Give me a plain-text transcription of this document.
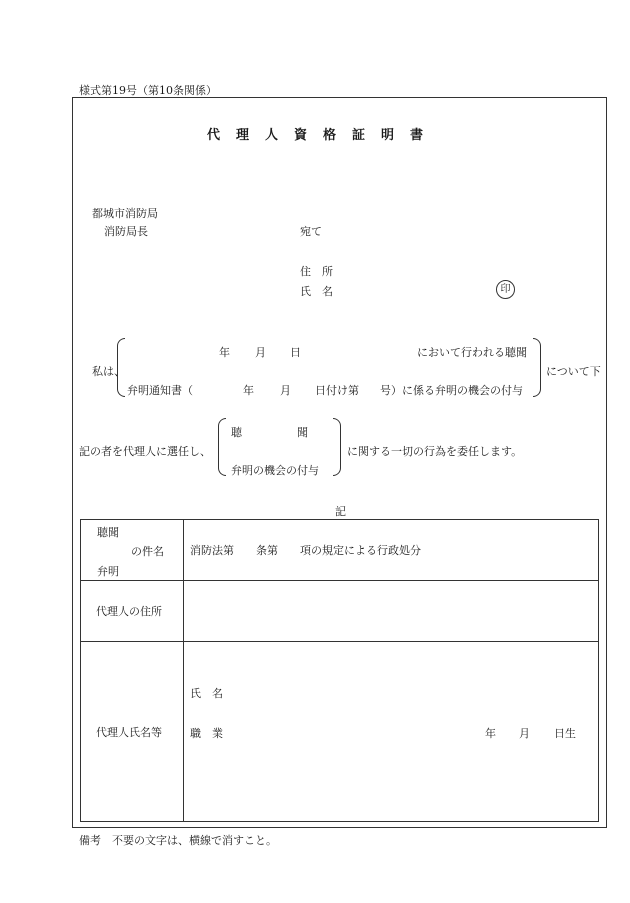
様式第19号（第10条関係）
代理人資格証明書
都城市消防局
消防局長	宛て
住　所
氏　名	印
私は、
年 月 日	において行われる聴聞
弁明通知書（	年 月 日付け第 号）に係る弁明の機会の付与
について下
記の者を代理人に選任し、
聴　　　　　聞
弁明の機会の付与
に関する一切の行為を委任します。
記
聴聞
の件名
弁明	消防法第　　条第　　項の規定による行政処分
代理人の住所	
代理人氏名等	氏　名
職　業 年 月 日生
備考　不要の文字は、横線で消すこと。
